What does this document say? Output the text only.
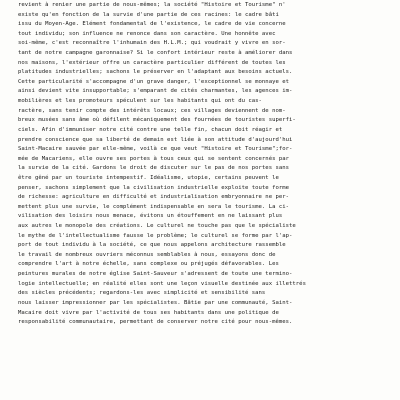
revient à renier une partie de nous-mêmes; la société "Histoire et Tourisme" n'
existe qu'en fonction de la survie d'une partie de ces racines: le cadre bâti
issu du Moyen-Age. Elément fondamental de l'existence, le cadre de vie concerne
tout individu; son influence ne renonce dans son caractère. Une honnête avec
soi-même, c'est reconnaître l'inhumain des H.L.M.; qui voudrait y vivre en sor-
tant de notre campagne garonnaise? Si le confort intérieur reste à améliorer dans
nos maisons, l'extérieur offre un caractère particulier différent de toutes les
platitudes industrielles; sachons le préserver en l'adaptant aux besoins actuels.
Cette particularité s'accompagne d'un grave danger, l'exceptionnel se monnaye et
ainsi devient vite insupportable; s'emparant de cités charmantes, les agences im-
mobilières et les promoteurs spéculent sur les habitants qui ont du cas-
ractère, sans tenir compte des intérêts locaux; ces villages deviennent de nom-
breux musées sans âme où défilent mécaniquement des fournées de touristes superfi-
ciels. Afin d'immuniser notre cité contre une telle fin, chacun doit réagir et
prendre conscience que sa liberté de demain est liée à son attitude d'aujourd'hui
Saint-Macaire sauvée par elle-même, voilà ce que veut "Histoire et Tourisme";for-
mée de Macariens, elle ouvre ses portes à tous ceux qui se sentent concernés par
la survie de la cité. Gardons le droit de discuter sur le pas de nos portes sans
être gêné par un touriste intempestif. Idéalisme, utopie, certains peuvent le
penser, sachons simplement que la civilisation industrielle exploite toute forme
de richesse: agriculture en difficulté et industrialisation embryonnaire ne per-
mettent plus une survie, le complément indispensable en sera le tourisme. La ci-
vilisation des loisirs nous menace, évitons un étouffement en ne laissant plus
aux autres le monopole des créations. Le culturel ne touche pas que le spécialiste
le mythe de l'intellectualisme fausse le problème; le culturel se forme par l'ap-
port de tout individu à la société, ce que nous appelons architecture rassemble
le travail de nombreux ouvriers méconnus semblables à nous, essayons donc de
comprendre l'art à notre échelle, sans complexe ou préjugés défavorables. Les
peintures murales de notre église Saint-Sauveur s'adressent de toute une termino-
logie intellectuelle; en réalité elles sont une leçon visuelle destinée aux illettrés
des siècles précédents; regardons-les avec simplicité et sensibilité sans
nous laisser impressionner par les spécialistes. Bâtie par une communauté, Saint-
Macaire doit vivre par l'activité de tous ses habitants dans une politique de
responsabilité communautaire, permettant de conserver notre cité pour nous-mêmes.
